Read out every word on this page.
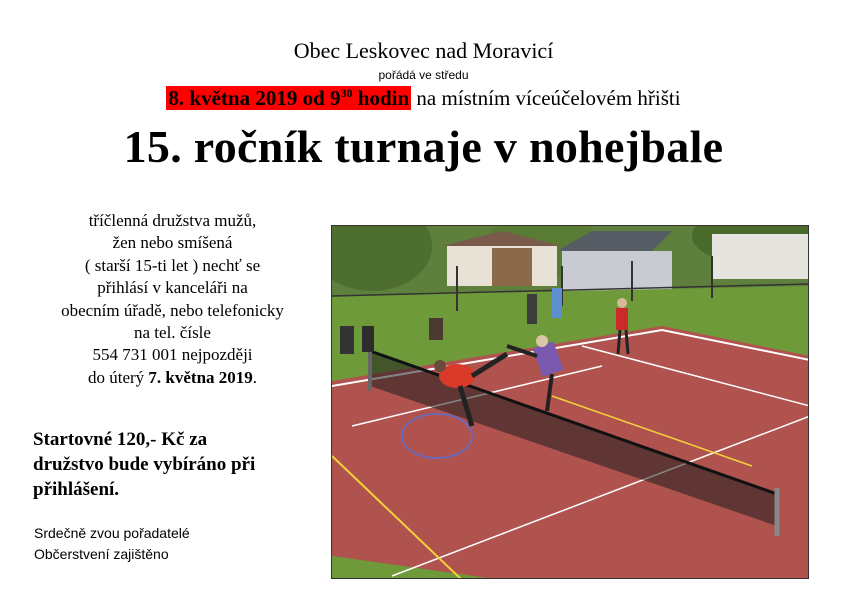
Obec Leskovec nad Moravicí
pořádá ve středu
8. května 2019 od $9^{30}$ hodin na místním víceúčelovém hřišti
15. ročník turnaje v nohejbale
tříčlenná družstva mužů,
žen nebo smíšená
( starší 15-ti let ) nechť se
přihlásí v kanceláři na
obecním úřadě, nebo telefonicky
na tel. čísle
554 731 001 nejpozději
do úterý 7. května 2019.
Startovné 120,- Kč za
družstvo bude vybíráno při
přihlášení.
Srdečně zvou pořadatelé
Občerstvení zajištěno
